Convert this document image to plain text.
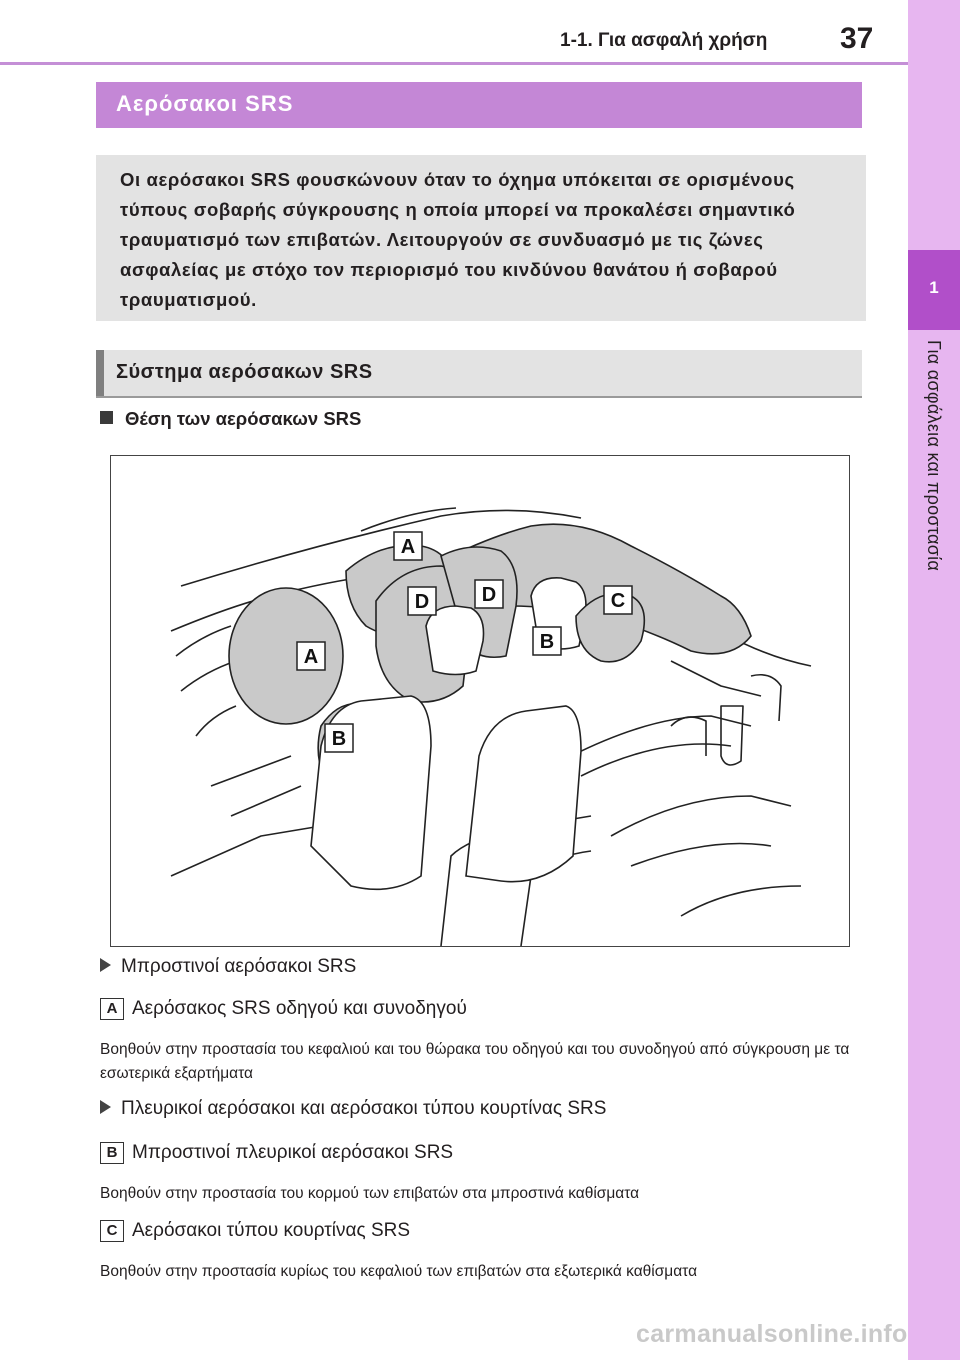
1-1. Για ασφαλή χρήση 37
1
Για ασφάλεια και προστασία
Αερόσακοι SRS

Οι αερόσακοι SRS φουσκώνουν όταν το όχημα υπόκειται σε ορισμένους τύπους σοβαρής σύγκρουσης η οποία μπορεί να προκαλέσει σημαντικό τραυματισμό των επιβατών. Λειτουργούν σε συνδυασμό με τις ζώνες ασφαλείας με στόχο τον περιορισμό του κινδύνου θανάτου ή σοβαρού τραυματισμού.

Σύστημα αερόσακων SRS
Θέση των αερόσακων SRS
A
D	D	C
B
A
B
Μπροστινοί αερόσακοι SRS
A Αερόσακος SRS οδηγού και συνοδηγού
Βοηθούν στην προστασία του κεφαλιού και του θώρακα του οδηγού και του συνοδηγού από σύγκρουση με τα εσωτερικά εξαρτήματα
Πλευρικοί αερόσακοι και αερόσακοι τύπου κουρτίνας SRS
B Μπροστινοί πλευρικοί αερόσακοι SRS
Βοηθούν στην προστασία του κορμού των επιβατών στα μπροστινά καθίσματα
C Αερόσακοι τύπου κουρτίνας SRS
Βοηθούν στην προστασία κυρίως του κεφαλιού των επιβατών στα εξωτερικά καθίσματα
carmanualsonline.info
